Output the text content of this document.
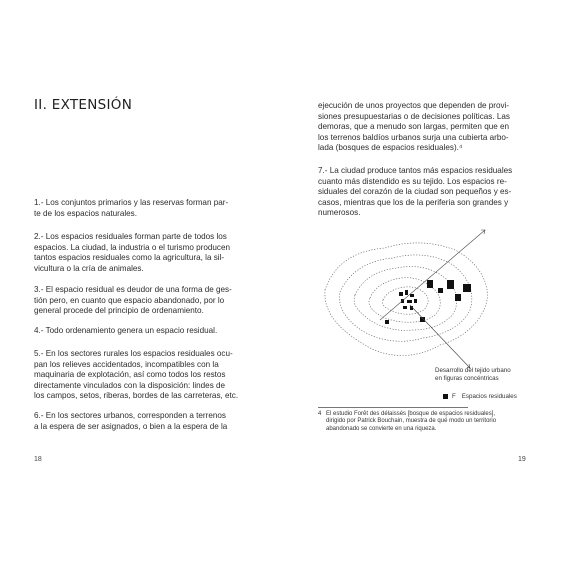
II. EXTENSIÓN
1.- Los conjuntos primarios y las reservas forman par-
te de los espacios naturales.
2.- Los espacios residuales forman parte de todos los
espacios. La ciudad, la industria o el turismo producen
tantos espacios residuales como la agricultura, la sil-
vicultura o la cría de animales.
3.- El espacio residual es deudor de una forma de ges-
tión pero, en cuanto que espacio abandonado, por lo
general procede del principio de ordenamiento.
4.- Todo ordenamiento genera un espacio residual.
5.- En los sectores rurales los espacios residuales ocu-
pan los relieves accidentados, incompatibles con la
maquinaria de explotación, así como todos los restos
directamente vinculados con la disposición: lindes de
los campos, setos, riberas, bordes de las carreteras, etc.
6.- En los sectores urbanos, corresponden a terrenos
a la espera de ser asignados, o bien a la espera de la
18
ejecución de unos proyectos que dependen de provi-
siones presupuestarias o de decisiones políticas. Las
demoras, que a menudo son largas, permiten que en
los terrenos baldíos urbanos surja una cubierta arbo-
lada (bosques de espacios residuales).⁴
7.- La ciudad produce tantos más espacios residuales
cuanto más distendido es su tejido. Los espacios re-
siduales del corazón de la ciudad son pequeños y es-
casos, mientras que los de la periferia son grandes y
numerosos.
Desarrollo del tejido urbano
en figuras concéntricas
F Espacios residuales
4 El estudio Forêt des délaissés [bosque de espacios residuales],
dirigido por Patrick Bouchain, muestra de qué modo un territorio
abandonado se convierte en una riqueza.
19
